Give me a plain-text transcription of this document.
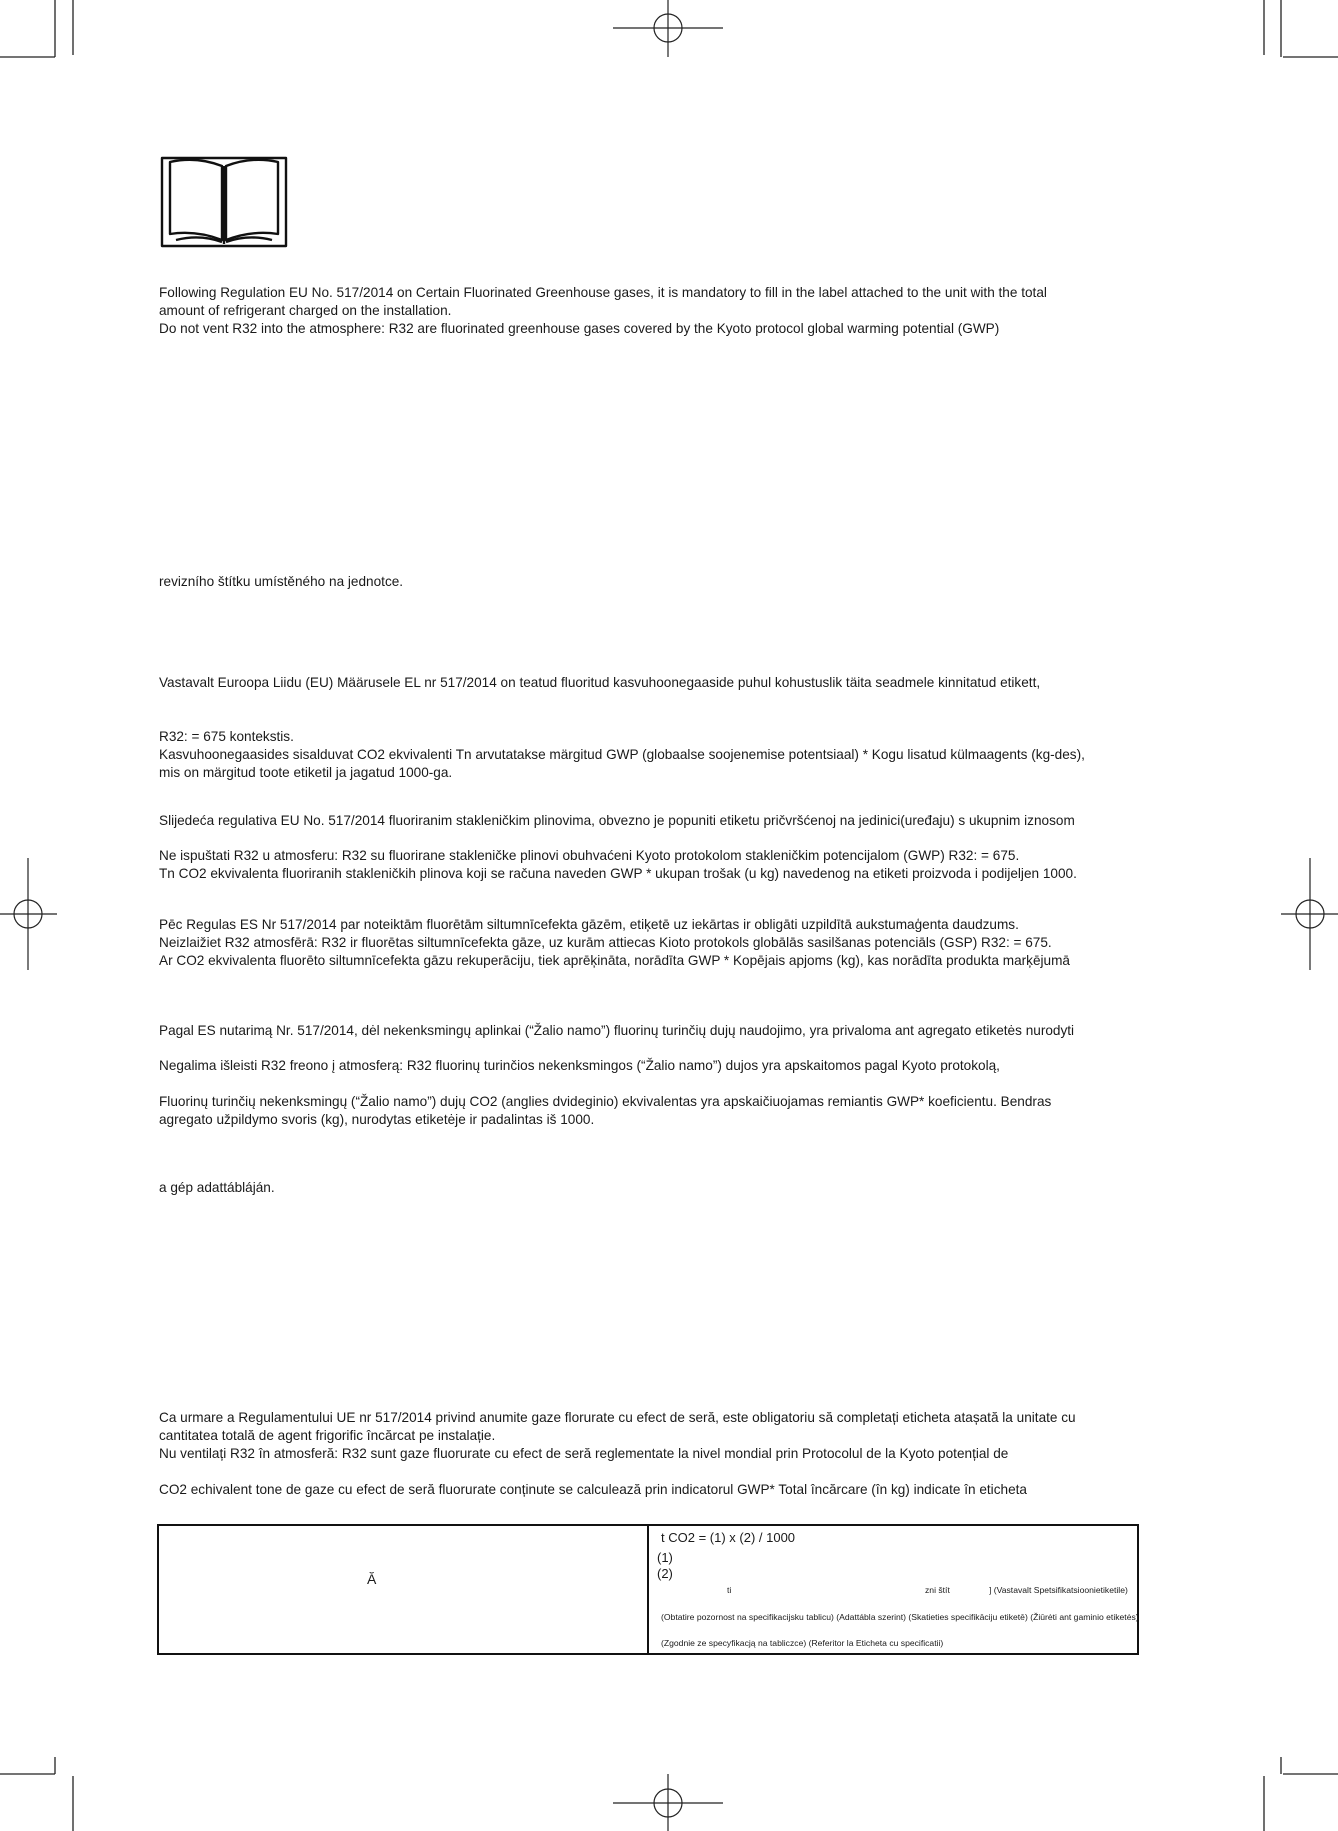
Following Regulation EU No. 517/2014 on Certain Fluorinated Greenhouse gases, it is mandatory to fill in the label attached to the unit with the total
amount of refrigerant charged on the installation.
Do not vent R32 into the atmosphere: R32 are fluorinated greenhouse gases covered by the Kyoto protocol global warming potential (GWP)
revizního štítku umístěného na jednotce.
Vastavalt Euroopa Liidu (EU) Määrusele EL nr 517/2014 on teatud fluoritud kasvuhoonegaaside puhul kohustuslik täita seadmele kinnitatud etikett,
R32: = 675 kontekstis.
Kasvuhoonegaasides sisalduvat CO2 ekvivalenti Tn arvutatakse märgitud GWP (globaalse soojenemise potentsiaal) * Kogu lisatud külmaagents (kg-des),
mis on märgitud toote etiketil ja jagatud 1000-ga.
Slijedeća regulativa EU No. 517/2014 fluoriranim stakleničkim plinovima, obvezno je popuniti etiketu pričvršćenoj na jedinici(uređaju) s ukupnim iznosom
Ne ispuštati R32 u atmosferu: R32 su fluorirane stakleničke plinovi obuhvaćeni Kyoto protokolom stakleničkim potencijalom (GWP) R32: = 675.
Tn CO2 ekvivalenta fluoriranih stakleničkih plinova koji se računa naveden GWP * ukupan trošak (u kg) navedenog na etiketi proizvoda i podijeljen 1000.
Pēc Regulas ES Nr 517/2014 par noteiktām fluorētām siltumnīcefekta gāzēm, etiķetē uz iekārtas ir obligāti uzpildītā aukstumaģenta daudzums.
Neizlaižiet R32 atmosfērā: R32 ir fluorētas siltumnīcefekta gāze, uz kurām attiecas Kioto protokols globālās sasilšanas potenciāls (GSP) R32: = 675.
Ar CO2 ekvivalenta fluorēto siltumnīcefekta gāzu rekuperāciju, tiek aprēķināta, norādīta GWP * Kopējais apjoms (kg), kas norādīta produkta marķējumā
Pagal ES nutarimą Nr. 517/2014, dėl nekenksmingų aplinkai (“Žalio namo”) fluorinų turinčių dujų naudojimo, yra privaloma ant agregato etiketės nurodyti
Negalima išleisti R32 freono į atmosferą: R32 fluorinų turinčios nekenksmingos (“Žalio namo”) dujos yra apskaitomos pagal Kyoto protokolą,
Fluorinų turinčių nekenksmingų (“Žalio namo”) dujų CO2 (anglies dvideginio) ekvivalentas yra apskaičiuojamas remiantis GWP* koeficientu. Bendras
agregato užpildymo svoris (kg), nurodytas etiketėje ir padalintas iš 1000.
a gép adattábláján.
Ca urmare a Regulamentului UE nr 517/2014 privind anumite gaze florurate cu efect de seră, este obligatoriu să completați eticheta atașată la unitate cu
cantitatea totală de agent frigorific încărcat pe instalație.
Nu ventilați R32 în atmosferă: R32 sunt gaze fluorurate cu efect de seră reglementate la nivel mondial prin Protocolul de la Kyoto potențial de
CO2 echivalent tone de gaze cu efect de seră fluorurate conținute se calculează prin indicatorul GWP* Total încărcare (în kg) indicate în eticheta
Ă
t CO2 = (1) x (2) / 1000
(1)
(2)
ti	zni štít	] (Vastavalt Spetsifikatsioonietiketile)
(Obtatire pozornost na specifikacijsku tablicu) (Adattábla szerint) (Skatieties specifikāciju etiketē) (Žiūrėti ant gaminio etiketės)
(Zgodnie ze specyfikacją na tabliczce) (Referitor la Eticheta cu specificatii)
